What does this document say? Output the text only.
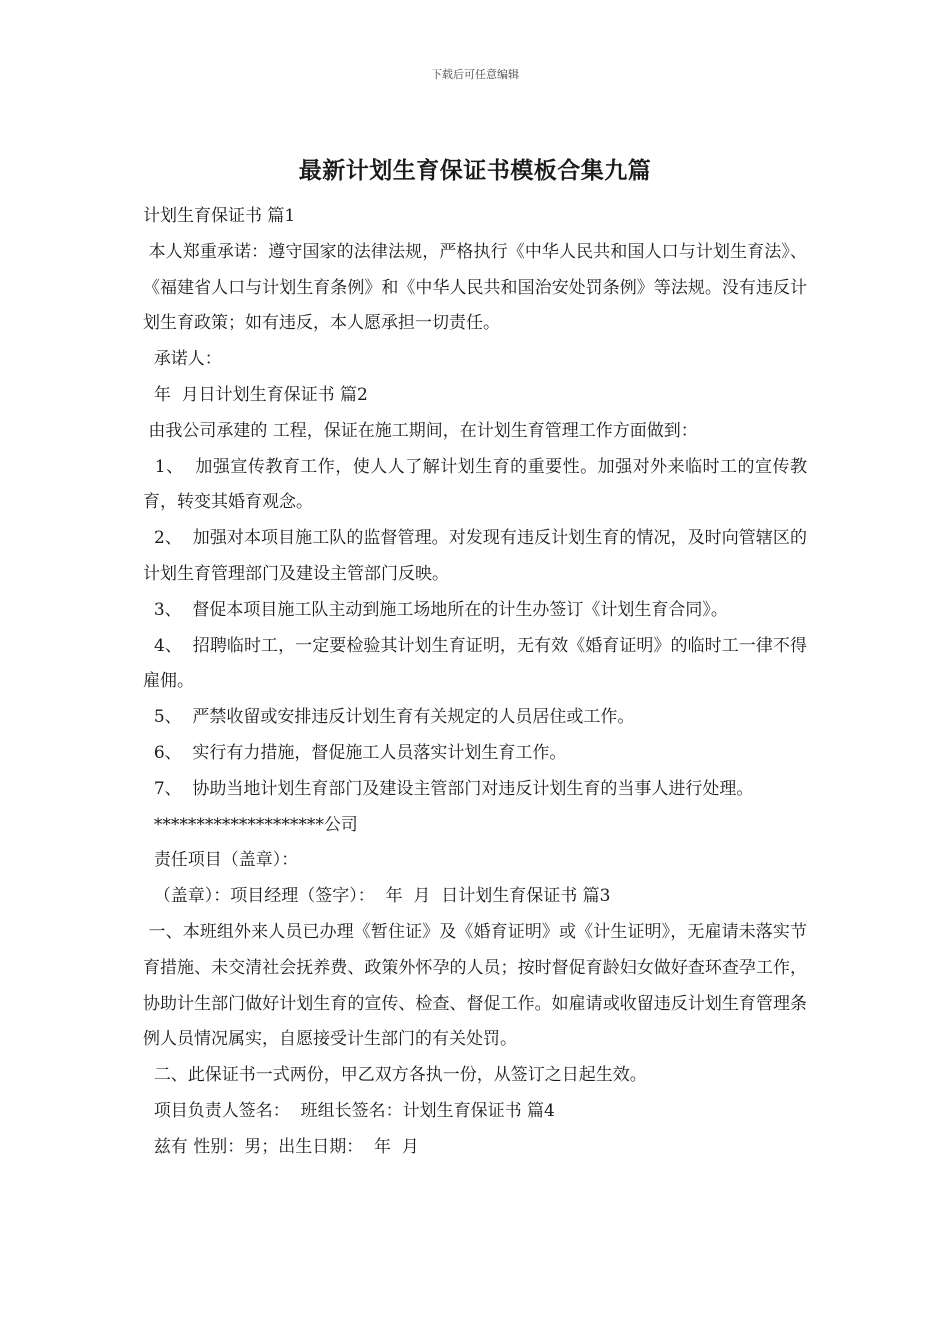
下载后可任意编辑
最新计划生育保证书模板合集九篇

计划生育保证书 篇1

本人郑重承诺：遵守国家的法律法规，严格执行《中华人民共和国人口与计划生育法》、《福建省人口与计划生育条例》和《中华人民共和国治安处罚条例》等法规。没有违反计划生育政策；如有违反，本人愿承担一切责任。

承诺人：

年  月日计划生育保证书 篇2

由我公司承建的 工程，保证在施工期间，在计划生育管理工作方面做到：

1、  加强宣传教育工作，使人人了解计划生育的重要性。加强对外来临时工的宣传教育，转变其婚育观念。

2、  加强对本项目施工队的监督管理。对发现有违反计划生育的情况，及时向管辖区的计划生育管理部门及建设主管部门反映。

3、  督促本项目施工队主动到施工场地所在的计生办签订《计划生育合同》。

4、  招聘临时工，一定要检验其计划生育证明，无有效《婚育证明》的临时工一律不得雇佣。

5、  严禁收留或安排违反计划生育有关规定的人员居住或工作。

6、  实行有力措施，督促施工人员落实计划生育工作。

7、  协助当地计划生育部门及建设主管部门对违反计划生育的当事人进行处理。

********************公司

责任项目（盖章）：

（盖章）：项目经理（签字）：  年  月  日计划生育保证书 篇3

一、本班组外来人员已办理《暂住证》及《婚育证明》或《计生证明》，无雇请未落实节育措施、未交清社会抚养费、政策外怀孕的人员；按时督促育龄妇女做好查环查孕工作，协助计生部门做好计划生育的宣传、检查、督促工作。如雇请或收留违反计划生育管理条例人员情况属实，自愿接受计生部门的有关处罚。

二、此保证书一式两份，甲乙双方各执一份，从签订之日起生效。

项目负责人签名：  班组长签名：计划生育保证书 篇4

兹有 性别：男；出生日期：  年  月
